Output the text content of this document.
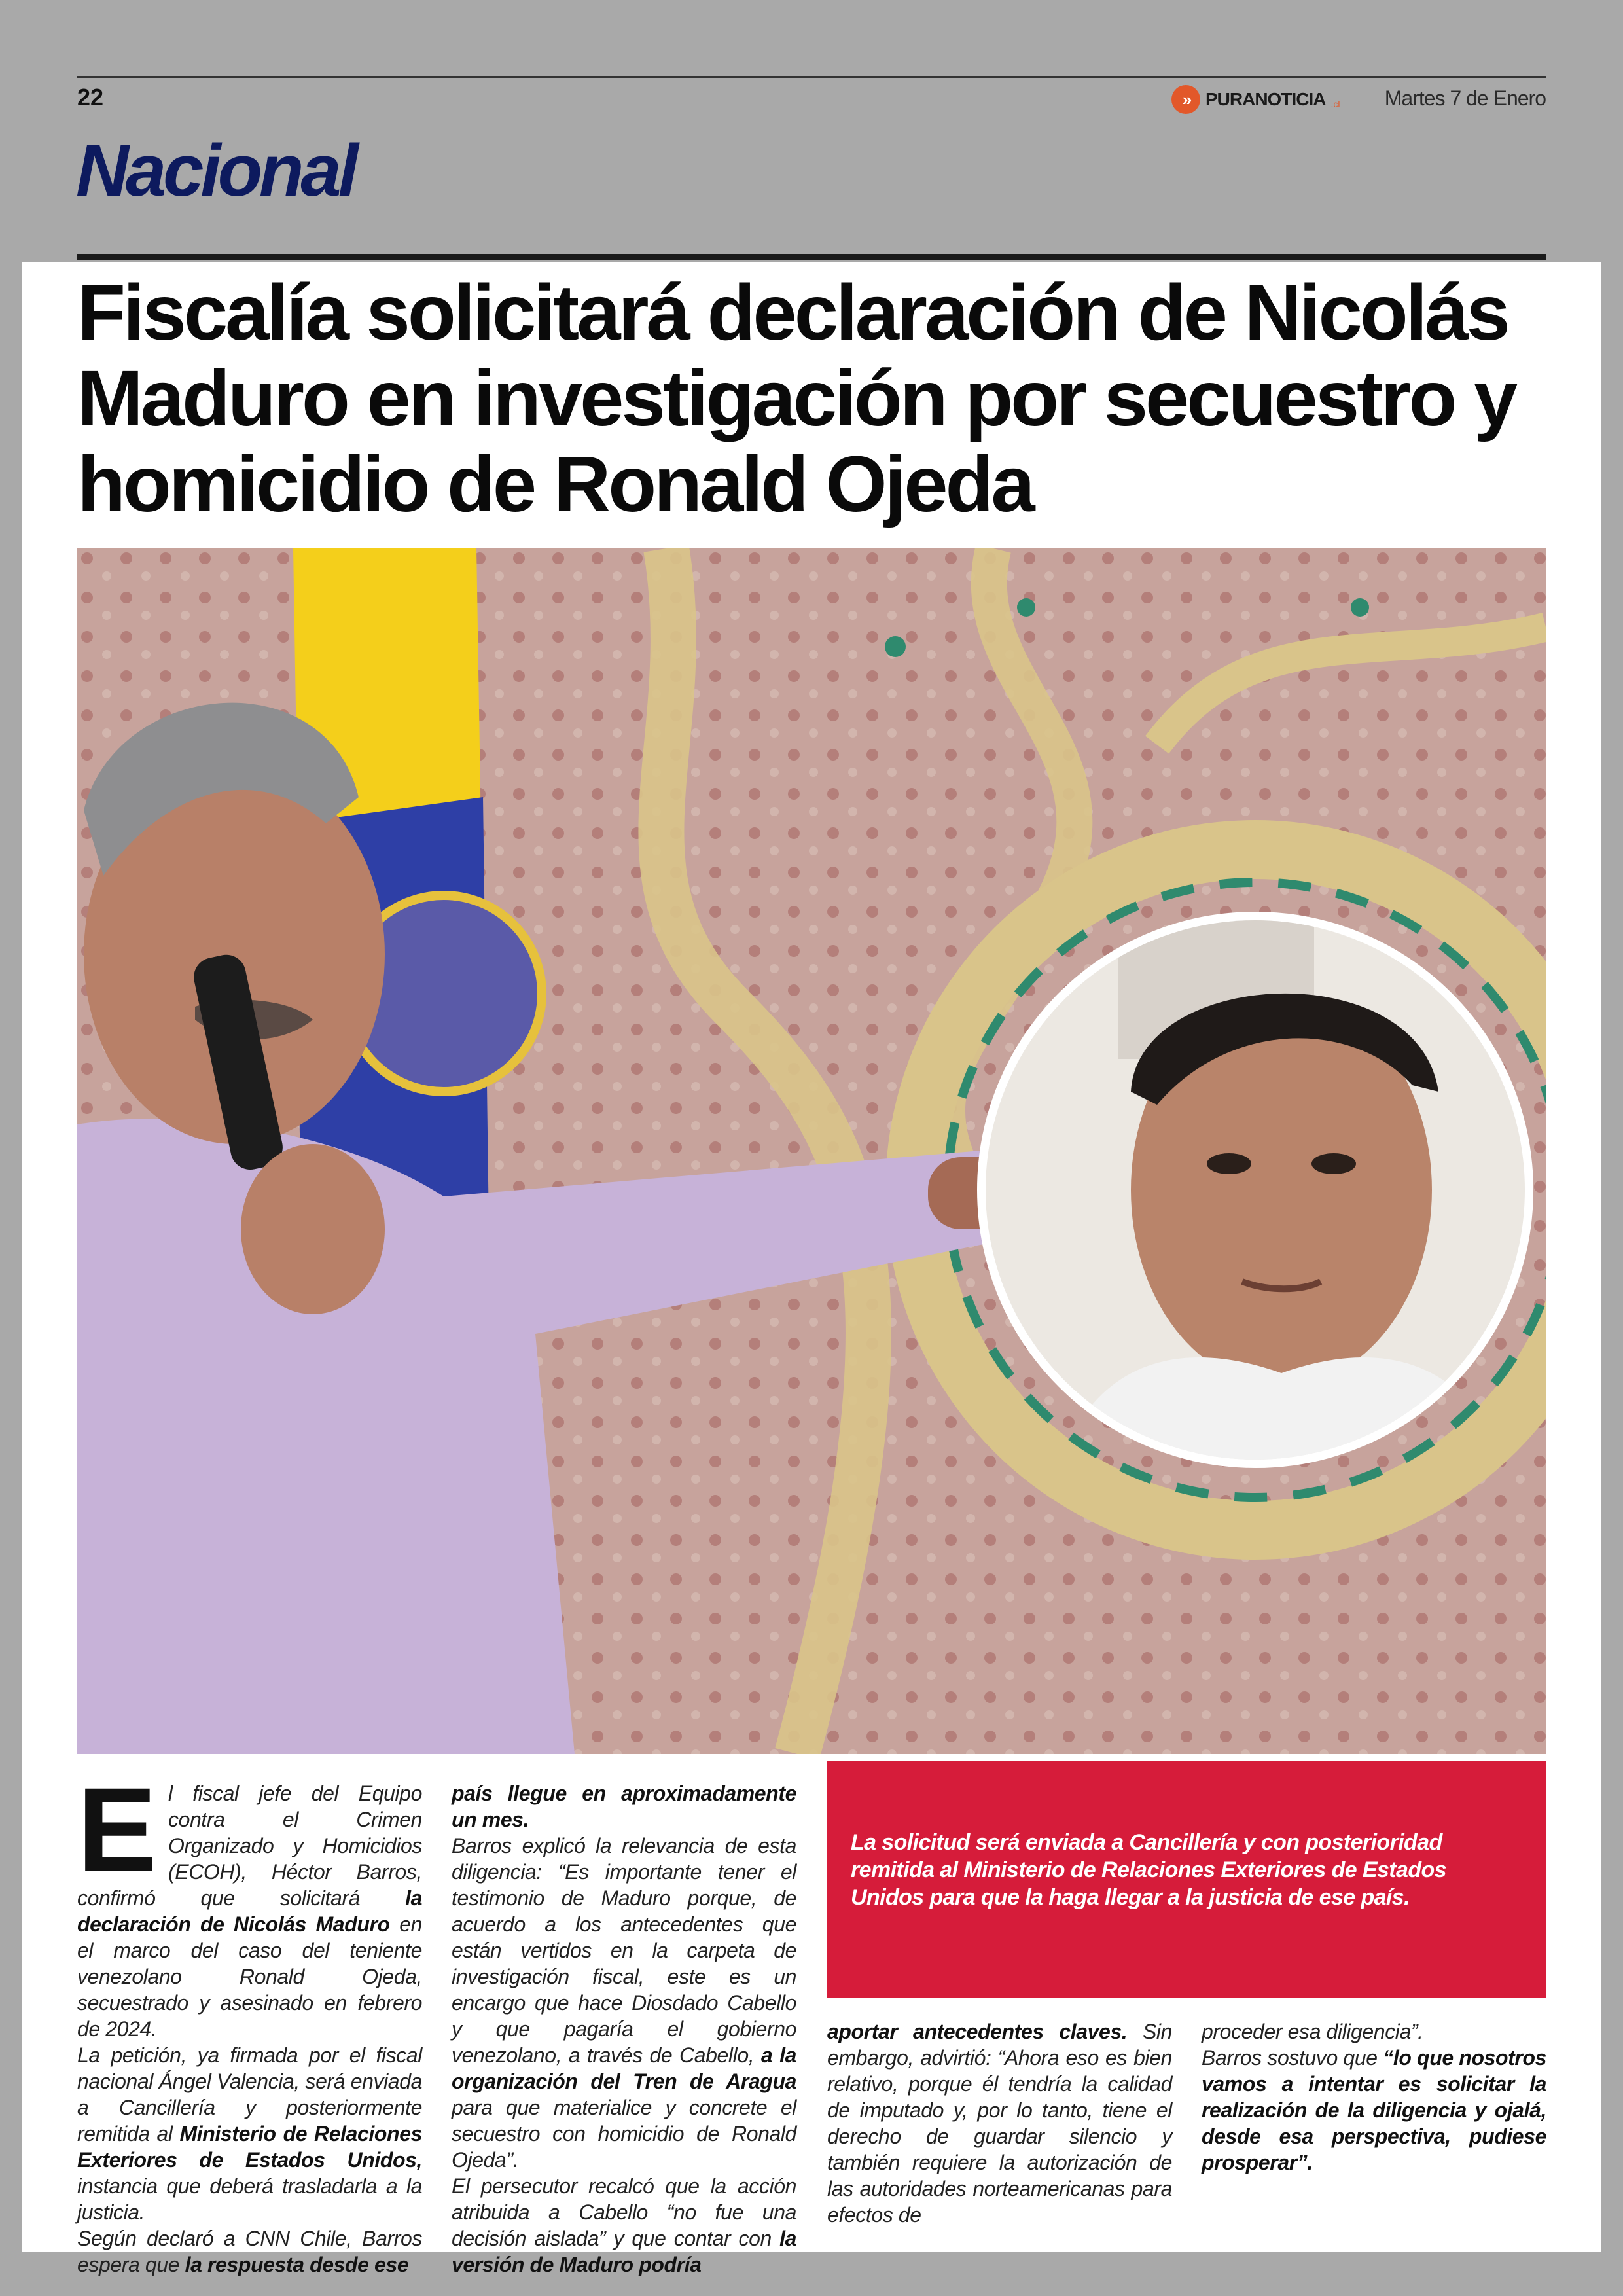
22	» PURANOTICIA .cl Martes 7 de Enero
Nacional
Fiscalía solicitará declaración de Nicolás Maduro en investigación por secuestro y homicidio de Ronald Ojeda
E l fiscal jefe del Equipo contra el Crimen Organizado y Homicidios (ECOH), Héctor Barros, confirmó que solicitará la declaración de Nicolás Maduro en el marco del caso del teniente venezolano Ronald Ojeda, secuestrado y asesinado en febrero de 2024.

La petición, ya firmada por el fiscal nacional Ángel Valencia, será enviada a Cancillería y posteriormente remitida al Ministerio de Relaciones Exteriores de Estados Unidos, instancia que deberá trasladarla a la justicia.

Según declaró a CNN Chile, Barros espera que la respuesta desde ese

país llegue en aproximadamente un mes.

Barros explicó la relevancia de esta diligencia: “Es importante tener el testimonio de Maduro porque, de acuerdo a los antecedentes que están vertidos en la carpeta de investigación fiscal, este es un encargo que hace Diosdado Cabello y que pagaría el gobierno venezolano, a través de Cabello, a la organización del Tren de Aragua para que materialice y concrete el secuestro con homicidio de Ronald Ojeda”.

El persecutor recalcó que la acción atribuida a Cabello “no fue una decisión aislada” y que contar con la versión de Maduro podría

La solicitud será enviada a Cancillería y con posterioridad remitida al Ministerio de Relaciones Exteriores de Estados Unidos para que la haga llegar a la justicia de ese país.

aportar antecedentes claves. Sin embargo, advirtió: “Ahora eso es bien relativo, porque él tendría la calidad de imputado y, por lo tanto, tiene el derecho de guardar silencio y también requiere la autorización de las autoridades norteamericanas para efectos de

proceder esa diligencia”.

Barros sostuvo que “lo que nosotros vamos a intentar es solicitar la realización de la diligencia y ojalá, desde esa perspectiva, pudiese prosperar”.
